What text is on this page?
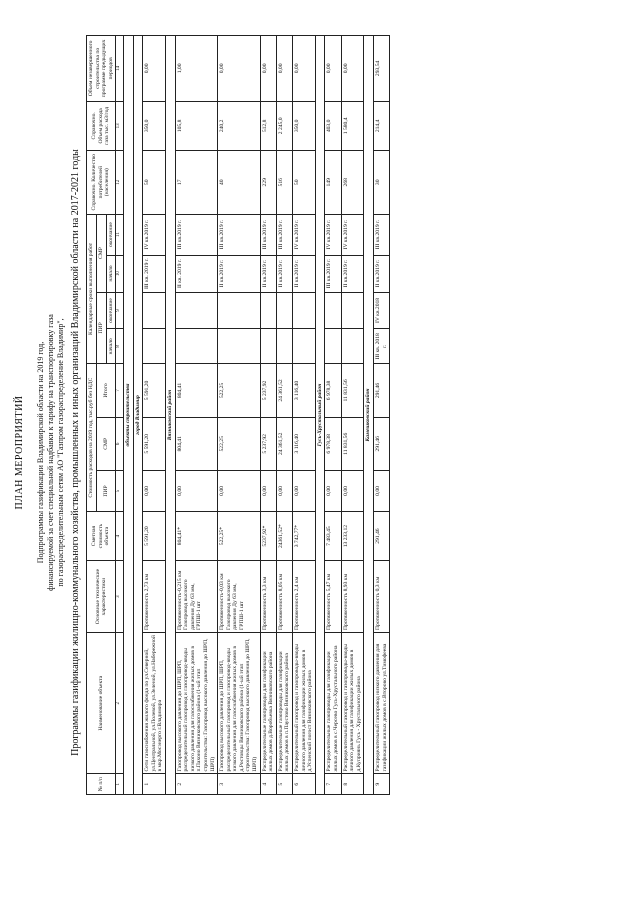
ПЛАН МЕРОПРИЯТИЙ Подпрограммы газификации Владимирской области на 2019 год, финансируемой за счет специальной надбавки к тарифу на транспортировку газа по газораспределительным сетям АО "Газпром газораспределение Владимир", Программы газификации жилищно-коммунального хозяйства, промышленных и иных организаций Владимирской области на 2017-2021 годы
№ п/п	Наименование объекта	Основные технические характеристики	Сметная стоимость объекта	Стоимость расходов на 2019 год, тыс.руб без НДС			Календарные сроки выполнения работ				Справочно. Количество потребителей (населения)	Справочно. Объем расхода газа тыс. м3/год	Объем незавершенного строительства по программе предыдущих периодов
				ПИР	СМР	Итого	ПИР		СМР				
							начало	окончание	начало	окончание			
1	2	3	4	5	6	7	8	9	10	11	12	13	14
объекты строительства													
город Владимир													
1	Сети газоснабжения жилого фонда по ул.Северной, ул.Центральной, ул.Полевой, ул.Зеленой, ул.Набережной в мкр.Мосэнерго г.Владимира	Протяженность 2,73 км	5 591,20	0,00	5 591,20	5 591,20			III кв. 2019 г.	IV кв.2019 г.	50	350,0	0,00
Вязниковский район													
2	Газопровод высокого давления до ШРП, ШРП, распределительный газопровод и газопровод-вводы низкого давления для газоснабжения жилых домов в п.Пахоно Вязниковского района (1-ый этап строительства: Газопровод высокого давления до ШРП, ШРП)	Протяженность-0,215 км Газопровод высокого давления Ду 63 мм, ГРПШ-1 шт	804,41*	0,00	804,41	804,41			II кв. 2019 г.	III кв.2019 г.	17	105,8	1,00
3	Газопровод высокого давления до ШРП, ШРП, распределительный газопровод и газопровод-вводы низкого давления для газоснабжения жилых домов в д.Ростовцы Вязниковского района (1-ый этап строительства: Газопровод высокого давления до ШРП, ШРП)	Протяженность-0,03 км Газопровод высокого давления Ду 63 мм, ГРПШ-1 шт	522,25*	0,00	522,25	522,25			II кв.2019 г.	III кв.2019 г.	40	240,2	0,00
4	Распределительные газопроводы для газификации жилых домов д.Воробьевка Вязниковского района	Протяженность 3,3 км	5237,92*	0,00	5 237,92	5 237,92			II кв.2019 г.	III кв.2019 г.	229	512,8	0,00
5	Распределительные газопроводы для газификации жилых домов в п.Паустово Вязниковского района	Протяженность 8,05 км	24361,52*	0,00	24 361,52	24 361,52			II кв.2019 г.	III кв.2019 г.	516	2 245,0	0,00
6	Распределительный газопровод и газопроводы-вводы личного давления для газификации жилых домов в д.Успенский погост Вязниковского района	Протяженность 2,4 км	3 742,77*	0,00	3 116,40	3 116,40			II кв.2019 г.	IV кв.2019 г.	50	350,0	0,00
Гусь-Хрустальный район													
7	Распределительные газопроводы для газификации жилых домов в с.Черсево Гусь-Хрустального района	Протяженность 5,47 км	7 483,45	0,00	6 978,38	6 978,38			III кв.2019 г.	IV кв.2019 г.	149	403,0	0,00
8	Распределительный газопровод и газопроводы-вводы личного давления для газификации жилых домов в д.Куприянь Гусь - Хрустального района	Протяженность 8,93 км	13 233,12	0,00	11 831,56	11 831,56			II кв.2019 г.	IV кв.2019 г.	268	1 580,4	0,00
Камешковский район													
9	Распределительный газопровод низкого давления для газификации жилых домов в с.Второво ул.Тимофеева	Протяженность 0,3 км	291,46	0,00	291,46	291,46	III кв. 2018 г.	IV кв.2018	II кв.2019 г.	III кв.2019 г.	30	214,4	293,54
